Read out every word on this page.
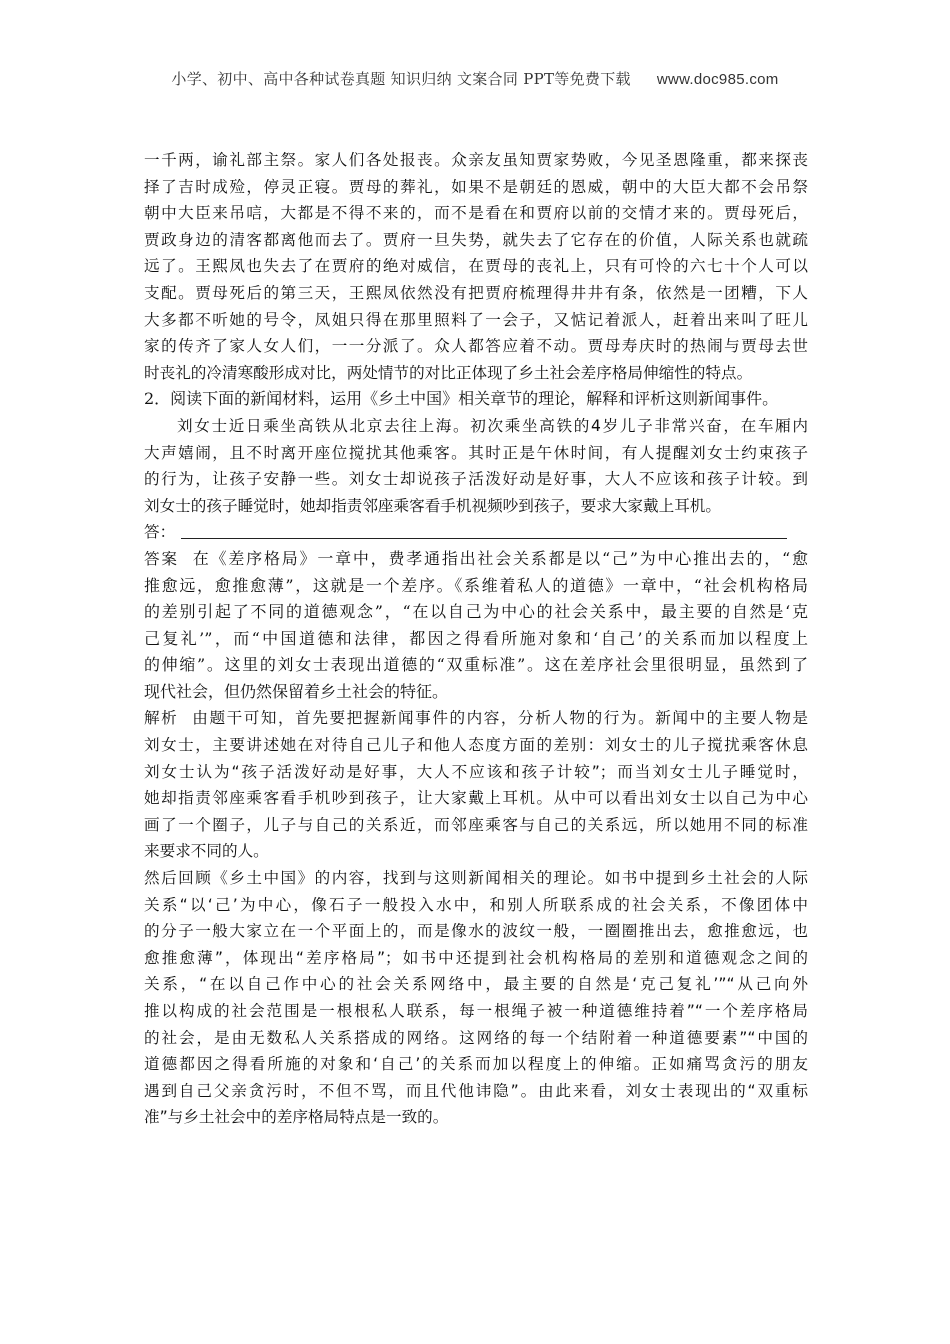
小学、初中、高中各种试卷真题 知识归纳 文案合同 PPT等免费下载 www.doc985.com
一千两，谕礼部主祭。家人们各处报丧。众亲友虽知贾家势败，今见圣恩隆重，都来探丧
择了吉时成殓，停灵正寝。贾母的葬礼，如果不是朝廷的恩威，朝中的大臣大都不会吊祭
朝中大臣来吊唁，大都是不得不来的，而不是看在和贾府以前的交情才来的。贾母死后，
贾政身边的清客都离他而去了。贾府一旦失势，就失去了它存在的价值，人际关系也就疏
远了。王熙凤也失去了在贾府的绝对威信，在贾母的丧礼上，只有可怜的六七十个人可以
支配。贾母死后的第三天，王熙凤依然没有把贾府梳理得井井有条，依然是一团糟，下人
大多都不听她的号令，凤姐只得在那里照料了一会子，又惦记着派人，赶着出来叫了旺儿
家的传齐了家人女人们，一一分派了。众人都答应着不动。贾母寿庆时的热闹与贾母去世
时丧礼的冷清寒酸形成对比，两处情节的对比正体现了乡土社会差序格局伸缩性的特点。
2．阅读下面的新闻材料，运用《乡土中国》相关章节的理论，解释和评析这则新闻事件。
刘女士近日乘坐高铁从北京去往上海。初次乘坐高铁的4岁儿子非常兴奋，在车厢内
大声嬉闹，且不时离开座位搅扰其他乘客。其时正是午休时间，有人提醒刘女士约束孩子
的行为，让孩子安静一些。刘女士却说孩子活泼好动是好事，大人不应该和孩子计较。到
刘女士的孩子睡觉时，她却指责邻座乘客看手机视频吵到孩子，要求大家戴上耳机。
答：
答案 在《差序格局》一章中，费孝通指出社会关系都是以“己”为中心推出去的，“愈
推愈远，愈推愈薄”，这就是一个差序。《系维着私人的道德》一章中，“社会机构格局
的差别引起了不同的道德观念”，“在以自己为中心的社会关系中，最主要的自然是‘克
己复礼’”，而“中国道德和法律，都因之得看所施对象和‘自己’的关系而加以程度上
的伸缩”。这里的刘女士表现出道德的“双重标准”。这在差序社会里很明显，虽然到了
现代社会，但仍然保留着乡土社会的特征。
解析 由题干可知，首先要把握新闻事件的内容，分析人物的行为。新闻中的主要人物是
刘女士，主要讲述她在对待自己儿子和他人态度方面的差别：刘女士的儿子搅扰乘客休息
刘女士认为“孩子活泼好动是好事，大人不应该和孩子计较”；而当刘女士儿子睡觉时，
她却指责邻座乘客看手机吵到孩子，让大家戴上耳机。从中可以看出刘女士以自己为中心
画了一个圈子，儿子与自己的关系近，而邻座乘客与自己的关系远，所以她用不同的标准
来要求不同的人。
然后回顾《乡土中国》的内容，找到与这则新闻相关的理论。如书中提到乡土社会的人际
关系“以‘己’为中心，像石子一般投入水中，和别人所联系成的社会关系，不像团体中
的分子一般大家立在一个平面上的，而是像水的波纹一般，一圈圈推出去，愈推愈远，也
愈推愈薄”，体现出“差序格局”；如书中还提到社会机构格局的差别和道德观念之间的
关系，“在以自己作中心的社会关系网络中，最主要的自然是‘克己复礼’”“从己向外
推以构成的社会范围是一根根私人联系，每一根绳子被一种道德维持着”“一个差序格局
的社会，是由无数私人关系搭成的网络。这网络的每一个结附着一种道德要素”“中国的
道德都因之得看所施的对象和‘自己’的关系而加以程度上的伸缩。正如痛骂贪污的朋友
遇到自己父亲贪污时，不但不骂，而且代他讳隐”。由此来看，刘女士表现出的“双重标
准”与乡土社会中的差序格局特点是一致的。
